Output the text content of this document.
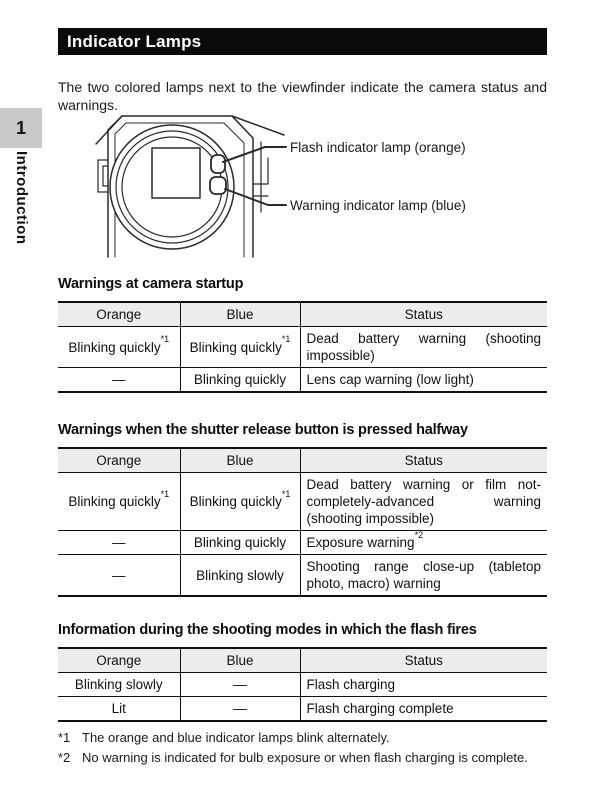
1
Introduction
Indicator Lamps

The two colored lamps next to the viewfinder indicate the camera status and warnings.

Flash indicator lamp (orange)
Warning indicator lamp (blue)
Warnings at camera startup
Orange	Blue	Status
Blinking quickly$^{*1}$	Blinking quickly$^{*1}$	Dead battery warning (shooting impossible)
—	Blinking quickly	Lens cap warning (low light)
Warnings when the shutter release button is pressed halfway
Orange	Blue	Status
Blinking quickly$^{*1}$	Blinking quickly$^{*1}$	Dead battery warning or film not-completely-advanced warning (shooting impossible)
—	Blinking quickly	Exposure warning$^{*2}$
—	Blinking slowly	Shooting range close-up (tabletop photo, macro) warning
Information during the shooting modes in which the flash fires
Orange	Blue	Status
Blinking slowly	—	Flash charging
Lit	—	Flash charging complete
*1 The orange and blue indicator lamps blink alternately.
*2 No warning is indicated for bulb exposure or when flash charging is complete.
